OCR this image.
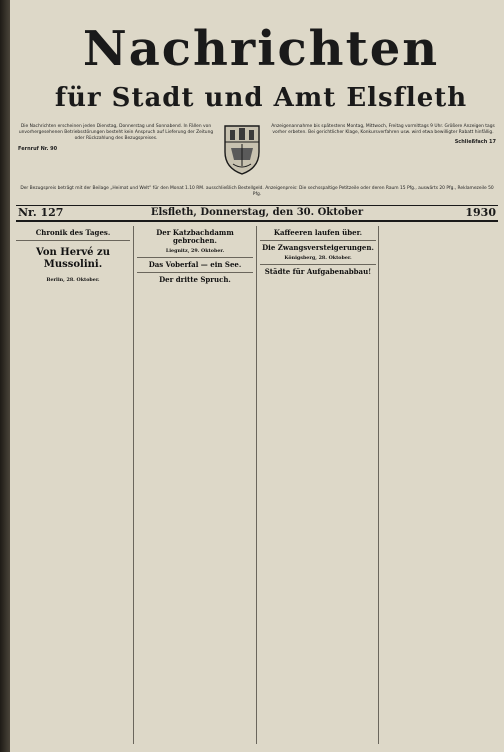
Nachrichten
für Stadt und Amt Elsfleth
Die Nachrichten erscheinen jeden Dienstag, Donnerstag und Sonnabend. In Fällen von unvorhergesehenen Betriebsstörungen besteht kein Anspruch auf Lieferung der Zeitung oder Rückzahlung des Bezugspreises.
Fernruf Nr. 90
Anzeigenannahme bis spätestens Montag, Mittwoch, Freitag vormittags 9 Uhr. Größere Anzeigen tags vorher erbeten. Bei gerichtlicher Klage, Konkursverfahren usw. wird etwa bewilligter Rabatt hinfällig.
Schließfach 17
Der Bezugspreis beträgt mit der Beilage „Heimat und Welt“ für den Monat 1.10 RM. ausschließlich Bestellgeld. Anzeigenpreis: Die sechsspaltige Petitzeile oder deren Raum 15 Pfg., auswärts 20 Pfg., Reklamezeile 50 Pfg.
Nr. 127	Elsfleth, Donnerstag, den 30. Oktober	1930
Chronik des Tages.
Von Hervé zu Mussolini.
Berlin, 28. Oktober.
Der Katzbachdamm gebrochen.
Liegnitz, 29. Oktober.
Das Voberfal — ein See.
Der dritte Spruch.
Kaffeeren laufen über.
Die Zwangsversteigerungen.
Königsberg, 28. Oktober.
Städte für Aufgabenabbau!
